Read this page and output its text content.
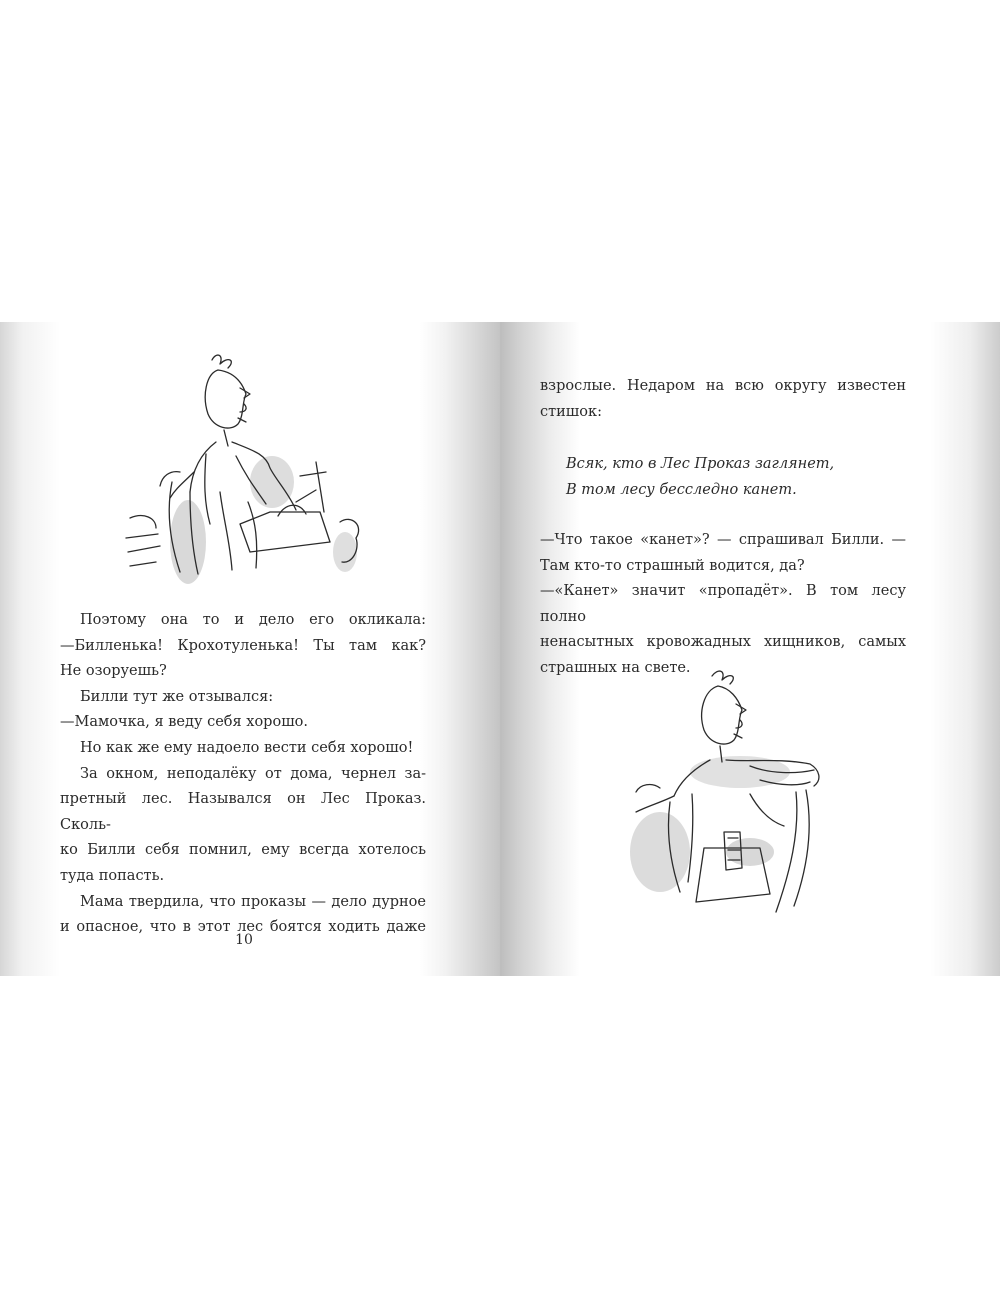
Поэтому она то и дело его окликала:

—Билленька! Крохотуленька! Ты там как?

Не озоруешь?

Билли тут же отзывался:

—Мамочка, я веду себя хорошо.

Но как же ему надоело вести себя хорошо!

За окном, неподалёку от дома, чернел за-

претный лес. Назывался он Лес Проказ. Сколь-

ко Билли себя помнил, ему всегда хотелось

туда попасть.

Мама твердила, что проказы — дело дурное

и опасное, что в этот лес боятся ходить даже

10

взрослые. Недаром на всю округу известен

стишок:

Всяк, кто в Лес Проказ заглянет,

В том лесу бесследно канет.

—Что такое «канет»? — спрашивал Билли. —

Там кто-то страшный водится, да?

—«Канет» значит «пропадёт». В том лесу полно

ненасытных кровожадных хищников, самых

страшных на свете.
